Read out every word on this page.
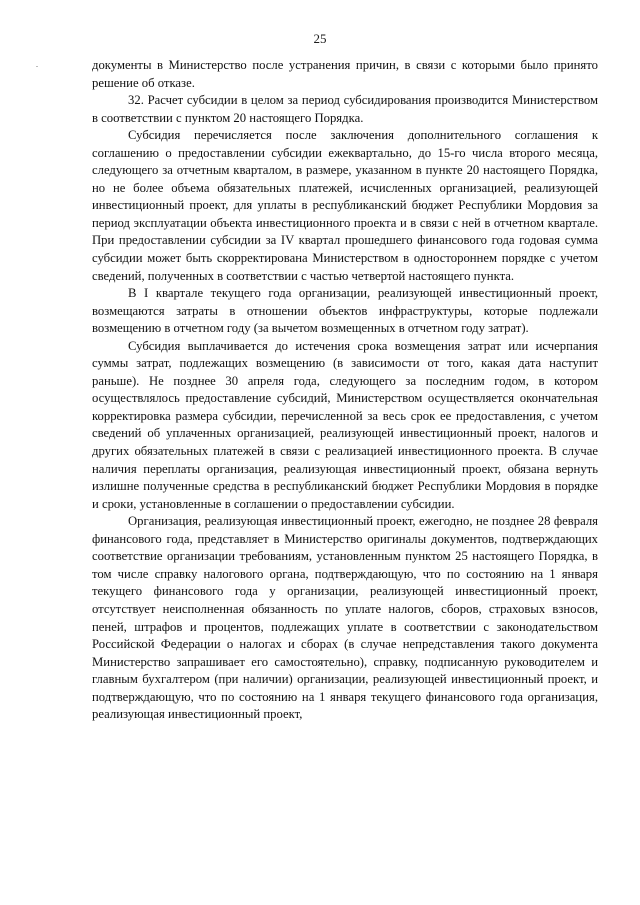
25

документы в Министерство после устранения причин, в связи с которыми было принято решение об отказе.

32. Расчет субсидии в целом за период субсидирования производится Министерством в соответствии с пунктом 20 настоящего Порядка.

Субсидия перечисляется после заключения дополнительного соглашения к соглашению о предоставлении субсидии ежеквартально, до 15-го числа второго месяца, следующего за отчетным кварталом, в размере, указанном в пункте 20 настоящего Порядка, но не более объема обязательных платежей, исчисленных организацией, реализующей инвестиционный проект, для уплаты в республиканский бюджет Республики Мордовия за период эксплуатации объекта инвестиционного проекта и в связи с ней в отчетном квартале. При предоставлении субсидии за IV квартал прошедшего финансового года годовая сумма субсидии может быть скорректирована Министерством в одностороннем порядке с учетом сведений, полученных в соответствии с частью четвертой настоящего пункта.

В I квартале текущего года организации, реализующей инвестиционный проект, возмещаются затраты в отношении объектов инфраструктуры, которые подлежали возмещению в отчетном году (за вычетом возмещенных в отчетном году затрат).

Субсидия выплачивается до истечения срока возмещения затрат или исчерпания суммы затрат, подлежащих возмещению (в зависимости от того, какая дата наступит раньше). Не позднее 30 апреля года, следующего за последним годом, в котором осуществлялось предоставление субсидий, Министерством осуществляется окончательная корректировка размера субсидии, перечисленной за весь срок ее предоставления, с учетом сведений об уплаченных организацией, реализующей инвестиционный проект, налогов и других обязательных платежей в связи с реализацией инвестиционного проекта. В случае наличия переплаты организация, реализующая инвестиционный проект, обязана вернуть излишне полученные средства в республиканский бюджет Республики Мордовия в порядке и сроки, установленные в соглашении о предоставлении субсидии.

Организация, реализующая инвестиционный проект, ежегодно, не позднее 28 февраля финансового года, представляет в Министерство оригиналы документов, подтверждающих соответствие организации требованиям, установленным пунктом 25 настоящего Порядка, в том числе справку налогового органа, подтверждающую, что по состоянию на 1 января текущего финансового года у организации, реализующей инвестиционный проект, отсутствует неисполненная обязанность по уплате налогов, сборов, страховых взносов, пеней, штрафов и процентов, подлежащих уплате в соответствии с законодательством Российской Федерации о налогах и сборах (в случае непредставления такого документа Министерство запрашивает его самостоятельно), справку, подписанную руководителем и главным бухгалтером (при наличии) организации, реализующей инвестиционный проект, и подтверждающую, что по состоянию на 1 января текущего финансового года организация, реализующая инвестиционный проект,
